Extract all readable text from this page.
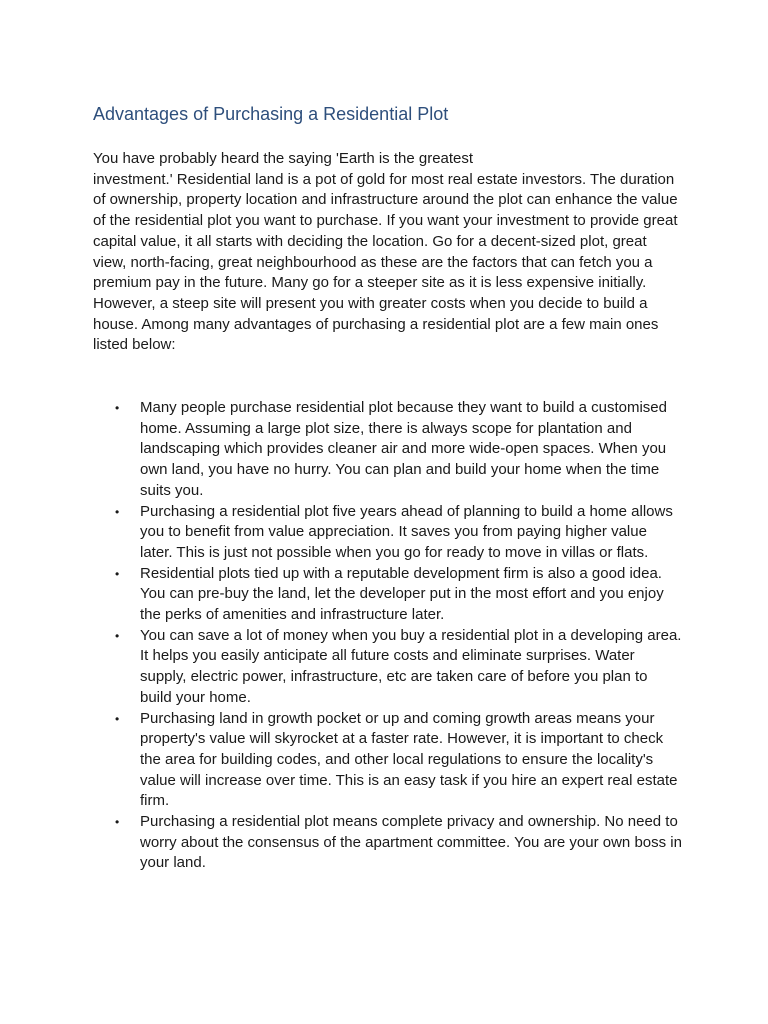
Advantages of Purchasing a Residential Plot

You have probably heard the saying 'Earth is the greatest
investment.' Residential land is a pot of gold for most real estate investors. The duration of ownership, property location and infrastructure around the plot can enhance the value of the residential plot you want to purchase. If you want your investment to provide great capital value, it all starts with deciding the location. Go for a decent-sized plot, great view, north-facing, great neighbourhood as these are the factors that can fetch you a premium pay in the future. Many go for a steeper site as it is less expensive initially. However, a steep site will present you with greater costs when you decide to build a house. Among many advantages of purchasing a residential plot are a few main ones listed below:

•	Many people purchase residential plot because they want to build a customised home. Assuming a large plot size, there is always scope for plantation and landscaping which provides cleaner air and more wide-open spaces. When you own land, you have no hurry. You can plan and build your home when the time suits you.
•	Purchasing a residential plot five years ahead of planning to build a home allows you to benefit from value appreciation. It saves you from paying higher value later. This is just not possible when you go for ready to move in villas or flats.
•	Residential plots tied up with a reputable development firm is also a good idea. You can pre-buy the land, let the developer put in the most effort and you enjoy the perks of amenities and infrastructure later.
•	You can save a lot of money when you buy a residential plot in a developing area. It helps you easily anticipate all future costs and eliminate surprises. Water supply, electric power, infrastructure, etc are taken care of before you plan to build your home.
•	Purchasing land in growth pocket or up and coming growth areas means your property's value will skyrocket at a faster rate. However, it is important to check the area for building codes, and other local regulations to ensure the locality's value will increase over time. This is an easy task if you hire an expert real estate firm.
•	Purchasing a residential plot means complete privacy and ownership. No need to worry about the consensus of the apartment committee. You are your own boss in your land.
